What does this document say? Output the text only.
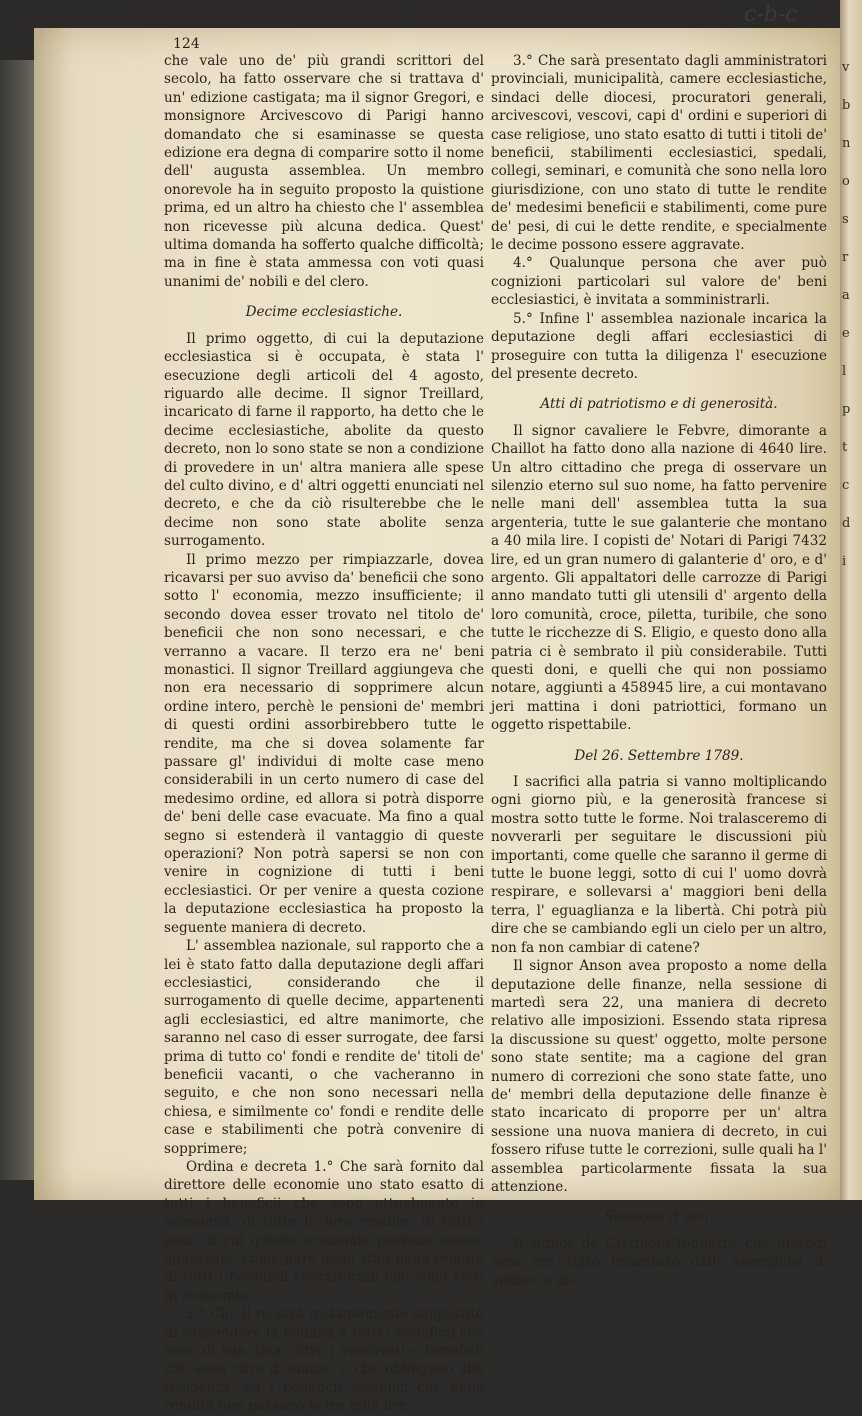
v
b
n
o
s
r
a
e
l
p
t
c
d
i
c-b-c
124

che vale uno de' più grandi scrittori del secolo, ha fatto osservare che si trattava d' un' edizione castigata; ma il signor Gregori, e monsignore Arcivescovo di Parigi hanno domandato che si esaminasse se questa edizione era degna di comparire sotto il nome dell' augusta assemblea. Un membro onorevole ha in seguito proposto la quistione prima, ed un altro ha chiesto che l' assemblea non ricevesse più alcuna dedica. Quest' ultima domanda ha sofferto qualche difficoltà; ma in fine è stata ammessa con voti quasi unanimi de' nobili e del clero.

Decime ecclesiastiche.

Il primo oggetto, di cui la deputazione ecclesiastica si è occupata, è stata l' esecuzione degli articoli del 4 agosto, riguardo alle decime. Il signor Treillard, incaricato di farne il rapporto, ha detto che le decime ecclesiastiche, abolite da questo decreto, non lo sono state se non a condizione di provedere in un' altra maniera alle spese del culto divino, e d' altri oggetti enunciati nel decreto, e che da ciò risulterebbe che le decime non sono state abolite senza surrogamento.

Il primo mezzo per rimpiazzarle, dovea ricavarsi per suo avviso da' beneficii che sono sotto l' economia, mezzo insufficiente; il secondo dovea esser trovato nel titolo de' beneficii che non sono necessari, e che verranno a vacare. Il terzo era ne' beni monastici. Il signor Treillard aggiungeva che non era necessario di sopprimere alcun ordine intero, perchè le pensioni de' membri di questi ordini assorbirebbero tutte le rendite, ma che si dovea solamente far passare gl' individui di molte case meno considerabili in un certo numero di case del medesimo ordine, ed allora si potrà disporre de' beni delle case evacuate. Ma fino a qual segno si estenderà il vantaggio di queste operazioni? Non potrà sapersi se non con venire in cognizione di tutti i beni ecclesiastici. Or per venire a questa cozione la deputazione ecclesiastica ha proposto la seguente maniera di decreto.

L' assemblea nazionale, sul rapporto che a lei è stato fatto dalla deputazione degli affari ecclesiastici, considerando che il surrogamento di quelle decime, appartenenti agli ecclesiastici, ed altre manimorte, che saranno nel caso di esser surrogate, dee farsi prima di tutto co' fondi e rendite de' titoli de' beneficii vacanti, o che vacheranno in seguito, e che non sono necessari nella chiesa, e similmente co' fondi e rendite delle case e stabilimenti che potrà convenire di sopprimere;

Ordina e decreta 1.° Che sarà fornito dal direttore delle economie uno stato esatto di tutti i beneficii che sono attualmente in economia, di tutte le loro rendite, di tutti i pesi, di cui queste economie possono essere aggravate, come pure degli stati delle rendite di tutti i beneficii concistoriali che sono stati in economia.

2.° Che il re sarà instantemente supplicato di sospendere la nomina a tutti i beneficii che sono di sua data, oltre i vescovati e beneficii che sono cura d' anime, e che obbligano alla residenza, ed i beneficii semplici che nella rendita non passano le tre mila lire.

3.° Che sarà presentato dagli amministratori provinciali, municipalità, camere ecclesiastiche, sindaci delle diocesi, procuratori generali, arcivescovi, vescovi, capi d' ordini e superiori di case religiose, uno stato esatto di tutti i titoli de' beneficii, stabilimenti ecclesiastici, spedali, collegi, seminari, e comunità che sono nella loro giurisdizione, con uno stato di tutte le rendite de' medesimi beneficii e stabilimenti, come pure de' pesi, di cui le dette rendite, e specialmente le decime possono essere aggravate.

4.° Qualunque persona che aver può cognizioni particolari sul valore de' beni ecclesiastici, è invitata a somministrarli.

5.° Infine l' assemblea nazionale incarica la deputazione degli affari ecclesiastici di proseguire con tutta la diligenza l' esecuzione del presente decreto.

Atti di patriotismo e di generosità.

Il signor cavaliere le Febvre, dimorante a Chaillot ha fatto dono alla nazione di 4640 lire. Un altro cittadino che prega di osservare un silenzio eterno sul suo nome, ha fatto pervenire nelle mani dell' assemblea tutta la sua argenteria, tutte le sue galanterie che montano a 40 mila lire. I copisti de' Notari di Parigi 7432 lire, ed un gran numero di galanterie d' oro, e d' argento. Gli appaltatori delle carrozze di Parigi anno mandato tutti gli utensili d' argento della loro comunità, croce, piletta, turibile, che sono tutte le ricchezze di S. Eligio, e questo dono alla patria ci è sembrato il più considerabile. Tutti questi doni, e quelli che qui non possiamo notare, aggiunti a 458945 lire, a cui montavano jeri mattina i doni patriottici, formano un oggetto rispettabile.

Del 26. Settembre 1789.

I sacrifici alla patria si vanno moltiplicando ogni giorno più, e la generosità francese si mostra sotto tutte le forme. Noi tralasceremo di novverarli per seguitare le discussioni più importanti, come quelle che saranno il germe di tutte le buone leggi, sotto di cui l' uomo dovrà respirare, e sollevarsi a' maggiori beni della terra, l' eguaglianza e la libertà. Chi potrà più dire che se cambiando egli un cielo per un altro, non fa non cambiar di catene?

Il signor Anson avea proposto a nome della deputazione delle finanze, nella sessione di martedì sera 22, una maniera di decreto relativo alle imposizioni. Essendo stata ripresa la discussione su quest' oggetto, molte persone sono state sentite; ma a cagione del gran numero di correzioni che sono state fatte, uno de' membri della deputazione delle finanze è stato incaricato di proporre per un' altra sessione una nuova maniera di decreto, in cui fossero rifuse tutte le correzioni, sulle quali ha l' assemblea particolarmente fissata la sua attenzione.

Sessione d' jeri.

Il signor de Clermont-Tonnerre che giovedì sera era stato incaricato dall' assemblea d' andare a do-
